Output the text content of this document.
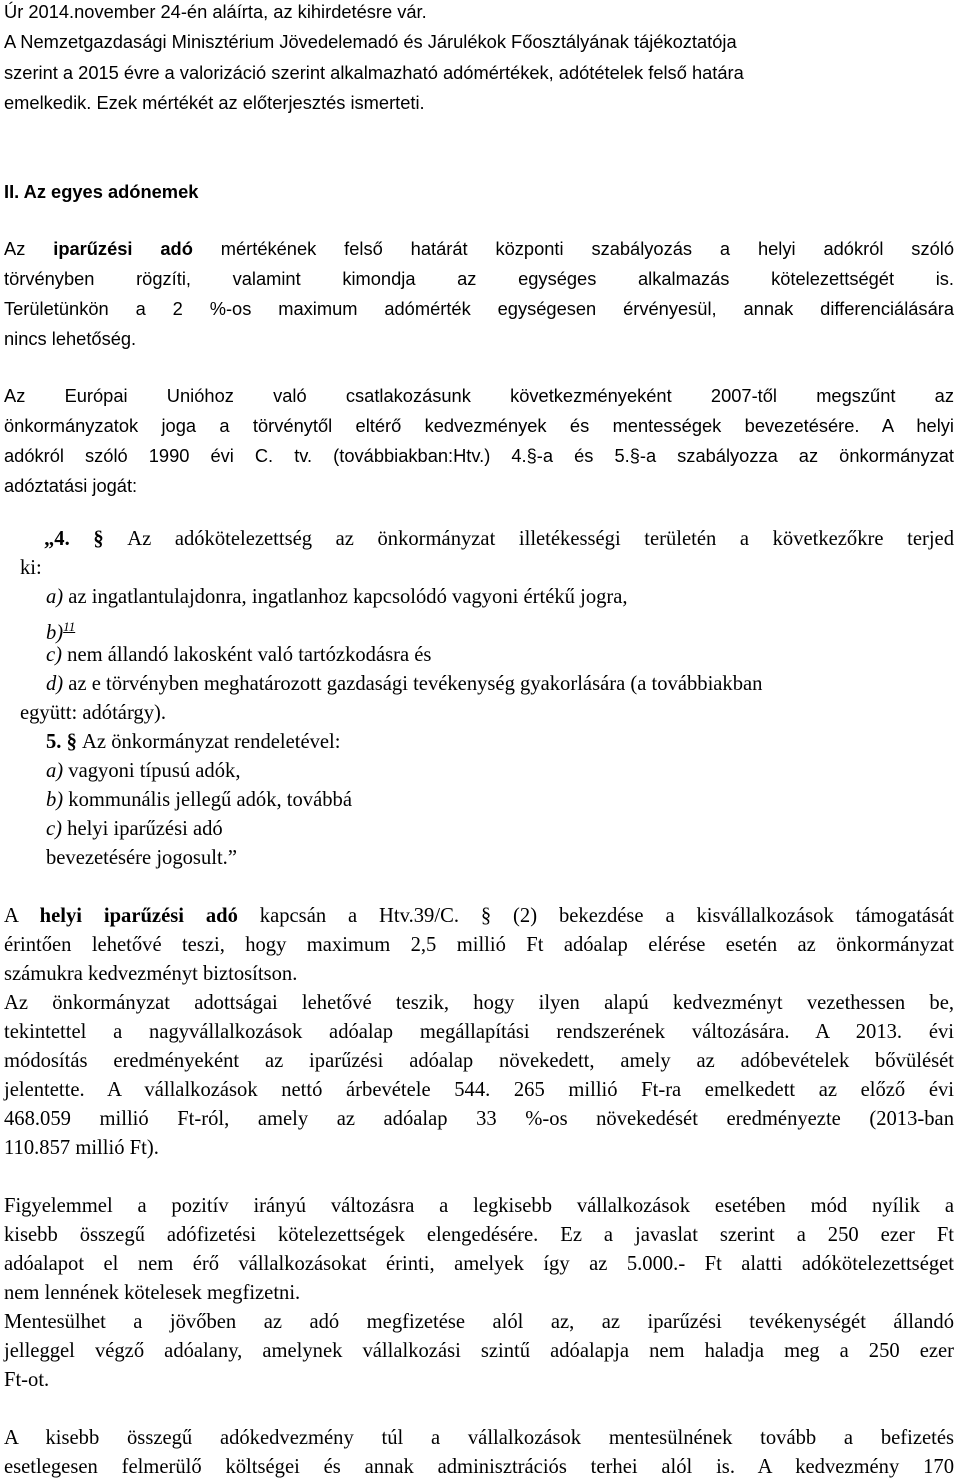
Úr 2014.november 24-én aláírta, az kihirdetésre vár.
A Nemzetgazdasági Minisztérium Jövedelemadó és Járulékok Főosztályának tájékoztatója
szerint a 2015 évre a valorizáció szerint alkalmazható adómértékek, adótételek felső határa
emelkedik. Ezek mértékét az előterjesztés ismerteti.
II. Az egyes adónemek
Az iparűzési adó mértékének felső határát központi szabályozás a helyi adókról szóló
törvényben rögzíti, valamint kimondja az egységes alkalmazás kötelezettségét is.
Területünkön a 2 %-os maximum adómérték egységesen érvényesül, annak differenciálására
nincs lehetőség.
Az Európai Unióhoz való csatlakozásunk következményeként 2007-től megszűnt az
önkormányzatok joga a törvénytől eltérő kedvezmények és mentességek bevezetésére. A helyi
adókról szóló 1990 évi C. tv. (továbbiakban:Htv.) 4.§-a és 5.§-a szabályozza az önkormányzat
adóztatási jogát:
„4. § Az adókötelezettség az önkormányzat illetékességi területén a következőkre terjed
ki:
a) az ingatlantulajdonra, ingatlanhoz kapcsolódó vagyoni értékű jogra,
b)$^{11}$
c) nem állandó lakosként való tartózkodásra és
d) az e törvényben meghatározott gazdasági tevékenység gyakorlására (a továbbiakban
együtt: adótárgy).
5. § Az önkormányzat rendeletével:
a) vagyoni típusú adók,
b) kommunális jellegű adók, továbbá
c) helyi iparűzési adó
bevezetésére jogosult.”
A helyi iparűzési adó kapcsán a Htv.39/C. § (2) bekezdése a kisvállalkozások támogatását
érintően lehetővé teszi, hogy maximum 2,5 millió Ft adóalap elérése esetén az önkormányzat
számukra kedvezményt biztosítson.
Az önkormányzat adottságai lehetővé teszik, hogy ilyen alapú kedvezményt vezethessen be,
tekintettel a nagyvállalkozások adóalap megállapítási rendszerének változására. A 2013. évi
módosítás eredményeként az iparűzési adóalap növekedett, amely az adóbevételek bővülését
jelentette. A vállalkozások nettó árbevétele 544. 265 millió Ft-ra emelkedett az előző évi
468.059 millió Ft-ról, amely az adóalap 33 %-os növekedését eredményezte (2013-ban
110.857 millió Ft).
Figyelemmel a pozitív irányú változásra a legkisebb vállalkozások esetében mód nyílik a
kisebb összegű adófizetési kötelezettségek elengedésére. Ez a javaslat szerint a 250 ezer Ft
adóalapot el nem érő vállalkozásokat érinti, amelyek így az 5.000.- Ft alatti adókötelezettséget
nem lennének kötelesek megfizetni.
Mentesülhet a jövőben az adó megfizetése alól az, az iparűzési tevékenységét állandó
jelleggel végző adóalany, amelynek vállalkozási szintű adóalapja nem haladja meg a 250 ezer
Ft-ot.
A kisebb összegű adókedvezmény túl a vállalkozások mentesülnének tovább a befizetés
esetlegesen felmerülő költségei és annak adminisztrációs terhei alól is. A kedvezmény 170
